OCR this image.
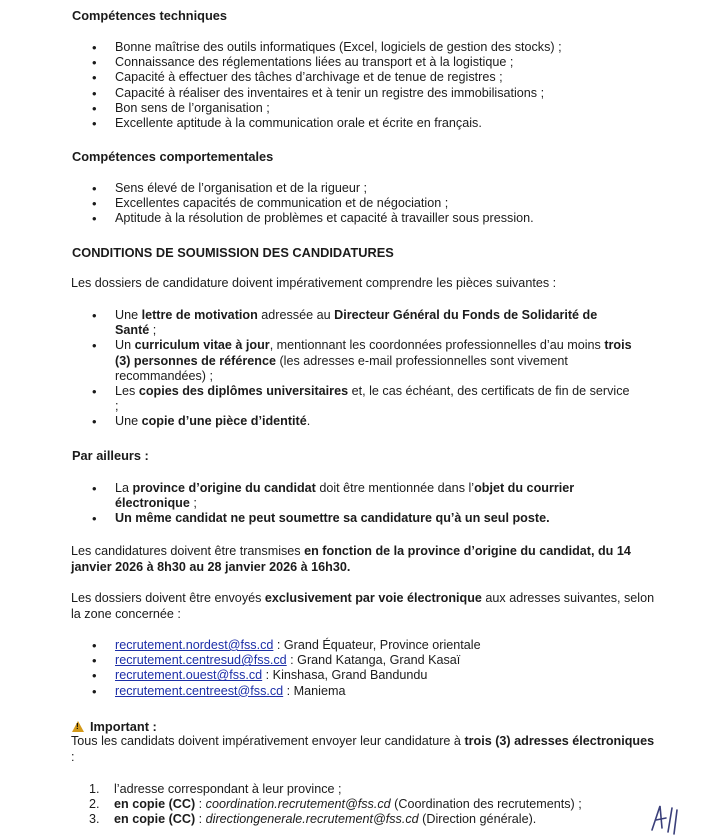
Compétences techniques
• Bonne maîtrise des outils informatiques (Excel, logiciels de gestion des stocks) ;
• Connaissance des réglementations liées au transport et à la logistique ;
• Capacité à effectuer des tâches d’archivage et de tenue de registres ;
• Capacité à réaliser des inventaires et à tenir un registre des immobilisations ;
• Bon sens de l’organisation ;
• Excellente aptitude à la communication orale et écrite en français.
Compétences comportementales
• Sens élevé de l’organisation et de la rigueur ;
• Excellentes capacités de communication et de négociation ;
• Aptitude à la résolution de problèmes et capacité à travailler sous pression.
CONDITIONS DE SOUMISSION DES CANDIDATURES
Les dossiers de candidature doivent impérativement comprendre les pièces suivantes :
• Une lettre de motivation adressée au Directeur Général du Fonds de Solidarité de Santé ;
• Un curriculum vitae à jour, mentionnant les coordonnées professionnelles d’au moins trois (3) personnes de référence (les adresses e-mail professionnelles sont vivement recommandées) ;
• Les copies des diplômes universitaires et, le cas échéant, des certificats de fin de service ;
• Une copie d’une pièce d’identité.
Par ailleurs :
• La province d’origine du candidat doit être mentionnée dans l’objet du courrier électronique ;
• Un même candidat ne peut soumettre sa candidature qu’à un seul poste.
Les candidatures doivent être transmises en fonction de la province d’origine du candidat, du 14 janvier 2026 à 8h30 au 28 janvier 2026 à 16h30.
Les dossiers doivent être envoyés exclusivement par voie électronique aux adresses suivantes, selon la zone concernée :
• recrutement.nordest@fss.cd : Grand Équateur, Province orientale
• recrutement.centresud@fss.cd : Grand Katanga, Grand Kasaï
• recrutement.ouest@fss.cd : Kinshasa, Grand Bandundu
• recrutement.centreest@fss.cd : Maniema
!Important :
Tous les candidats doivent impérativement envoyer leur candidature à trois (3) adresses électroniques :
1. l’adresse correspondant à leur province ;
2. en copie (CC) : coordination.recrutement@fss.cd (Coordination des recrutements) ;
3. en copie (CC) : directiongenerale.recrutement@fss.cd (Direction générale).
